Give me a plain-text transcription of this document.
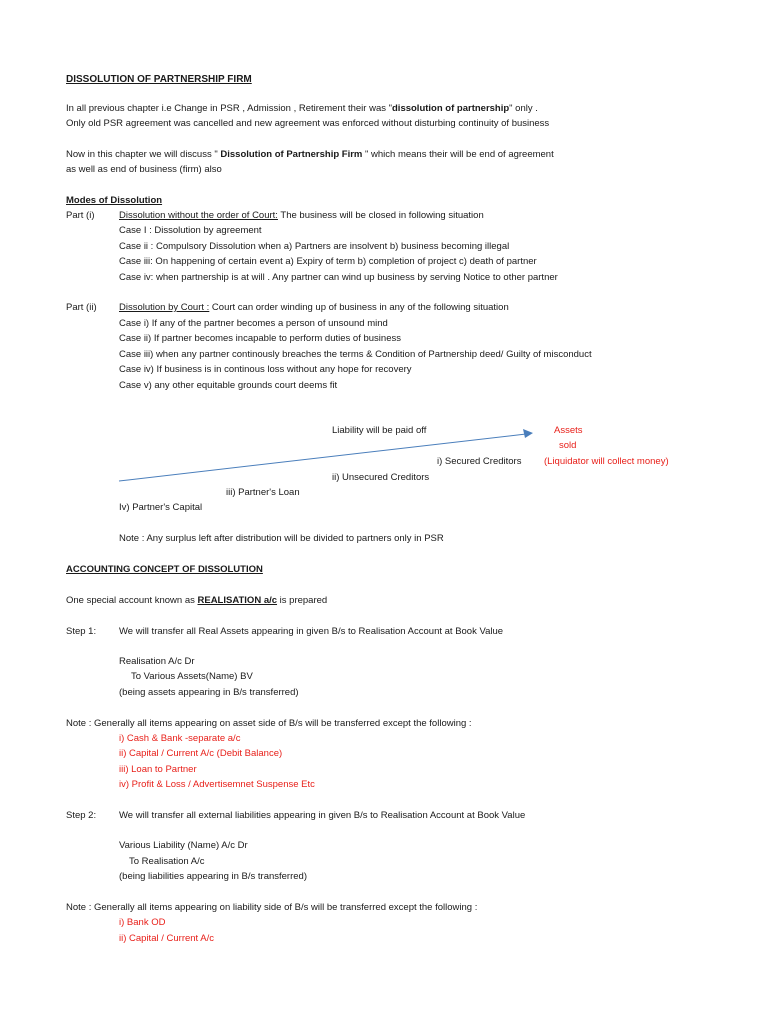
DISSOLUTION OF PARTNERSHIP FIRM
In all previous chapter i.e Change in PSR , Admission , Retirement their was "dissolution of partnership" only .
Only old PSR agreement was cancelled and new agreement was enforced without disturbing continuity of business
Now in this chapter we will discuss " Dissolution of Partnership Firm " which means their will be end of agreement
as well as end of business (firm) also
Modes of Dissolution
Part (i)	Dissolution without the order of Court: The business will be closed in following situation
Case I : Dissolution by agreement
Case ii : Compulsory Dissolution when a) Partners are insolvent b) business becoming illegal
Case iii: On happening of certain event a) Expiry of term b) completion of project c) death of partner
Case iv: when partnership is at will . Any partner can wind up business by serving Notice to other partner
Part (ii) Dissolution by Court : Court can order winding up of business in any of the following situation
Case i) If any of the partner becomes a person of unsound mind
Case ii) If partner becomes incapable to perform duties of business
Case iii) when any partner continously breaches the terms & Condition of Partnership deed/ Guilty of misconduct
Case iv) If business is in continous loss without any hope for recovery
Case v) any other equitable grounds court deems fit
Liability will be paid off	Assets
sold
(Liquidator will collect money)
i) Secured Creditors
ii) Unsecured Creditors
iii) Partner's Loan
Iv) Partner's Capital
Note : Any surplus left after distribution will be divided to partners only in PSR
ACCOUNTING CONCEPT OF DISSOLUTION
One special account known as REALISATION a/c is prepared
Step 1: We will transfer all Real Assets appearing in given B/s to Realisation Account at Book Value
Realisation A/c Dr
To Various Assets(Name) BV
(being assets appearing in B/s transferred)
Note : Generally all items appearing on asset side of B/s will be transferred except the following :
i) Cash & Bank -separate a/c
ii) Capital / Current A/c (Debit Balance)
iii) Loan to Partner
iv) Profit & Loss / Advertisemnet Suspense Etc
Step 2: We will transfer all external liabilities appearing in given B/s to Realisation Account at Book Value
Various Liability (Name) A/c Dr
To Realisation A/c
(being liabilities appearing in B/s transferred)
Note : Generally all items appearing on liability side of B/s will be transferred except the following :
i) Bank OD
ii) Capital / Current A/c
